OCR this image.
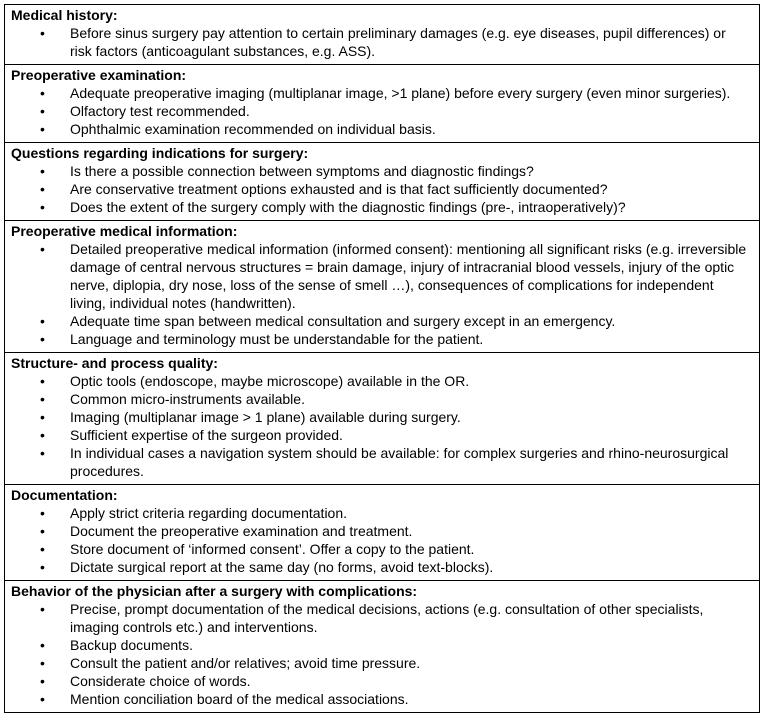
Medical history:
• Before sinus surgery pay attention to certain preliminary damages (e.g. eye diseases, pupil differences) or risk factors (anticoagulant substances, e.g. ASS).
Preoperative examination:
• Adequate preoperative imaging (multiplanar image, >1 plane) before every surgery (even minor surgeries).
• Olfactory test recommended.
• Ophthalmic examination recommended on individual basis.
Questions regarding indications for surgery:
• Is there a possible connection between symptoms and diagnostic findings?
• Are conservative treatment options exhausted and is that fact sufficiently documented?
• Does the extent of the surgery comply with the diagnostic findings (pre-, intraoperatively)?
Preoperative medical information:
• Detailed preoperative medical information (informed consent): mentioning all significant risks (e.g. irreversible damage of central nervous structures = brain damage, injury of intracranial blood vessels, injury of the optic nerve, diplopia, dry nose, loss of the sense of smell …), consequences of complications for independent living, individual notes (handwritten).
• Adequate time span between medical consultation and surgery except in an emergency.
• Language and terminology must be understandable for the patient.
Structure- and process quality:
• Optic tools (endoscope, maybe microscope) available in the OR.
• Common micro-instruments available.
• Imaging (multiplanar image > 1 plane) available during surgery.
• Sufficient expertise of the surgeon provided.
• In individual cases a navigation system should be available: for complex surgeries and rhino-neurosurgical procedures.
Documentation:
• Apply strict criteria regarding documentation.
• Document the preoperative examination and treatment.
• Store document of ‘informed consent’. Offer a copy to the patient.
• Dictate surgical report at the same day (no forms, avoid text-blocks).
Behavior of the physician after a surgery with complications:
• Precise, prompt documentation of the medical decisions, actions (e.g. consultation of other specialists, imaging controls etc.) and interventions.
• Backup documents.
• Consult the patient and/or relatives; avoid time pressure.
• Considerate choice of words.
• Mention conciliation board of the medical associations.
